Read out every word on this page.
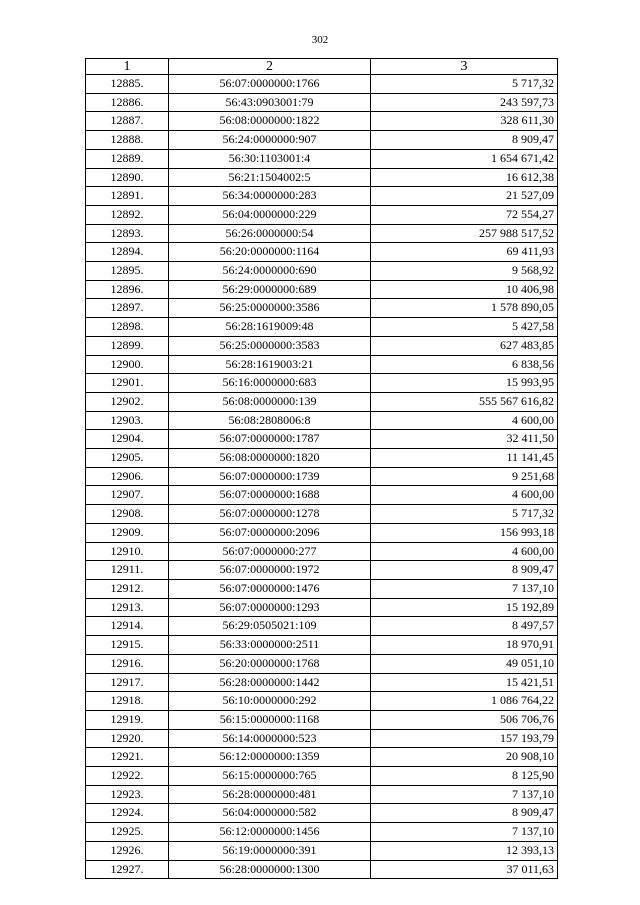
302
1	2	3
12885.	56:07:0000000:1766	5 717,32
12886.	56:43:0903001:79	243 597,73
12887.	56:08:0000000:1822	328 611,30
12888.	56:24:0000000:907	8 909,47
12889.	56:30:1103001:4	1 654 671,42
12890.	56:21:1504002:5	16 612,38
12891.	56:34:0000000:283	21 527,09
12892.	56:04:0000000:229	72 554,27
12893.	56:26:0000000:54	257 988 517,52
12894.	56:20:0000000:1164	69 411,93
12895.	56:24:0000000:690	9 568,92
12896.	56:29:0000000:689	10 406,98
12897.	56:25:0000000:3586	1 578 890,05
12898.	56:28:1619009:48	5 427,58
12899.	56:25:0000000:3583	627 483,85
12900.	56:28:1619003:21	6 838,56
12901.	56:16:0000000:683	15 993,95
12902.	56:08:0000000:139	555 567 616,82
12903.	56:08:2808006:8	4 600,00
12904.	56:07:0000000:1787	32 411,50
12905.	56:08:0000000:1820	11 141,45
12906.	56:07:0000000:1739	9 251,68
12907.	56:07:0000000:1688	4 600,00
12908.	56:07:0000000:1278	5 717,32
12909.	56:07:0000000:2096	156 993,18
12910.	56:07:0000000:277	4 600,00
12911.	56:07:0000000:1972	8 909,47
12912.	56:07:0000000:1476	7 137,10
12913.	56:07:0000000:1293	15 192,89
12914.	56:29:0505021:109	8 497,57
12915.	56:33:0000000:2511	18 970,91
12916.	56:20:0000000:1768	49 051,10
12917.	56:28:0000000:1442	15 421,51
12918.	56:10:0000000:292	1 086 764,22
12919.	56:15:0000000:1168	506 706,76
12920.	56:14:0000000:523	157 193,79
12921.	56:12:0000000:1359	20 908,10
12922.	56:15:0000000:765	8 125,90
12923.	56:28:0000000:481	7 137,10
12924.	56:04:0000000:582	8 909,47
12925.	56:12:0000000:1456	7 137,10
12926.	56:19:0000000:391	12 393,13
12927.	56:28:0000000:1300	37 011,63
